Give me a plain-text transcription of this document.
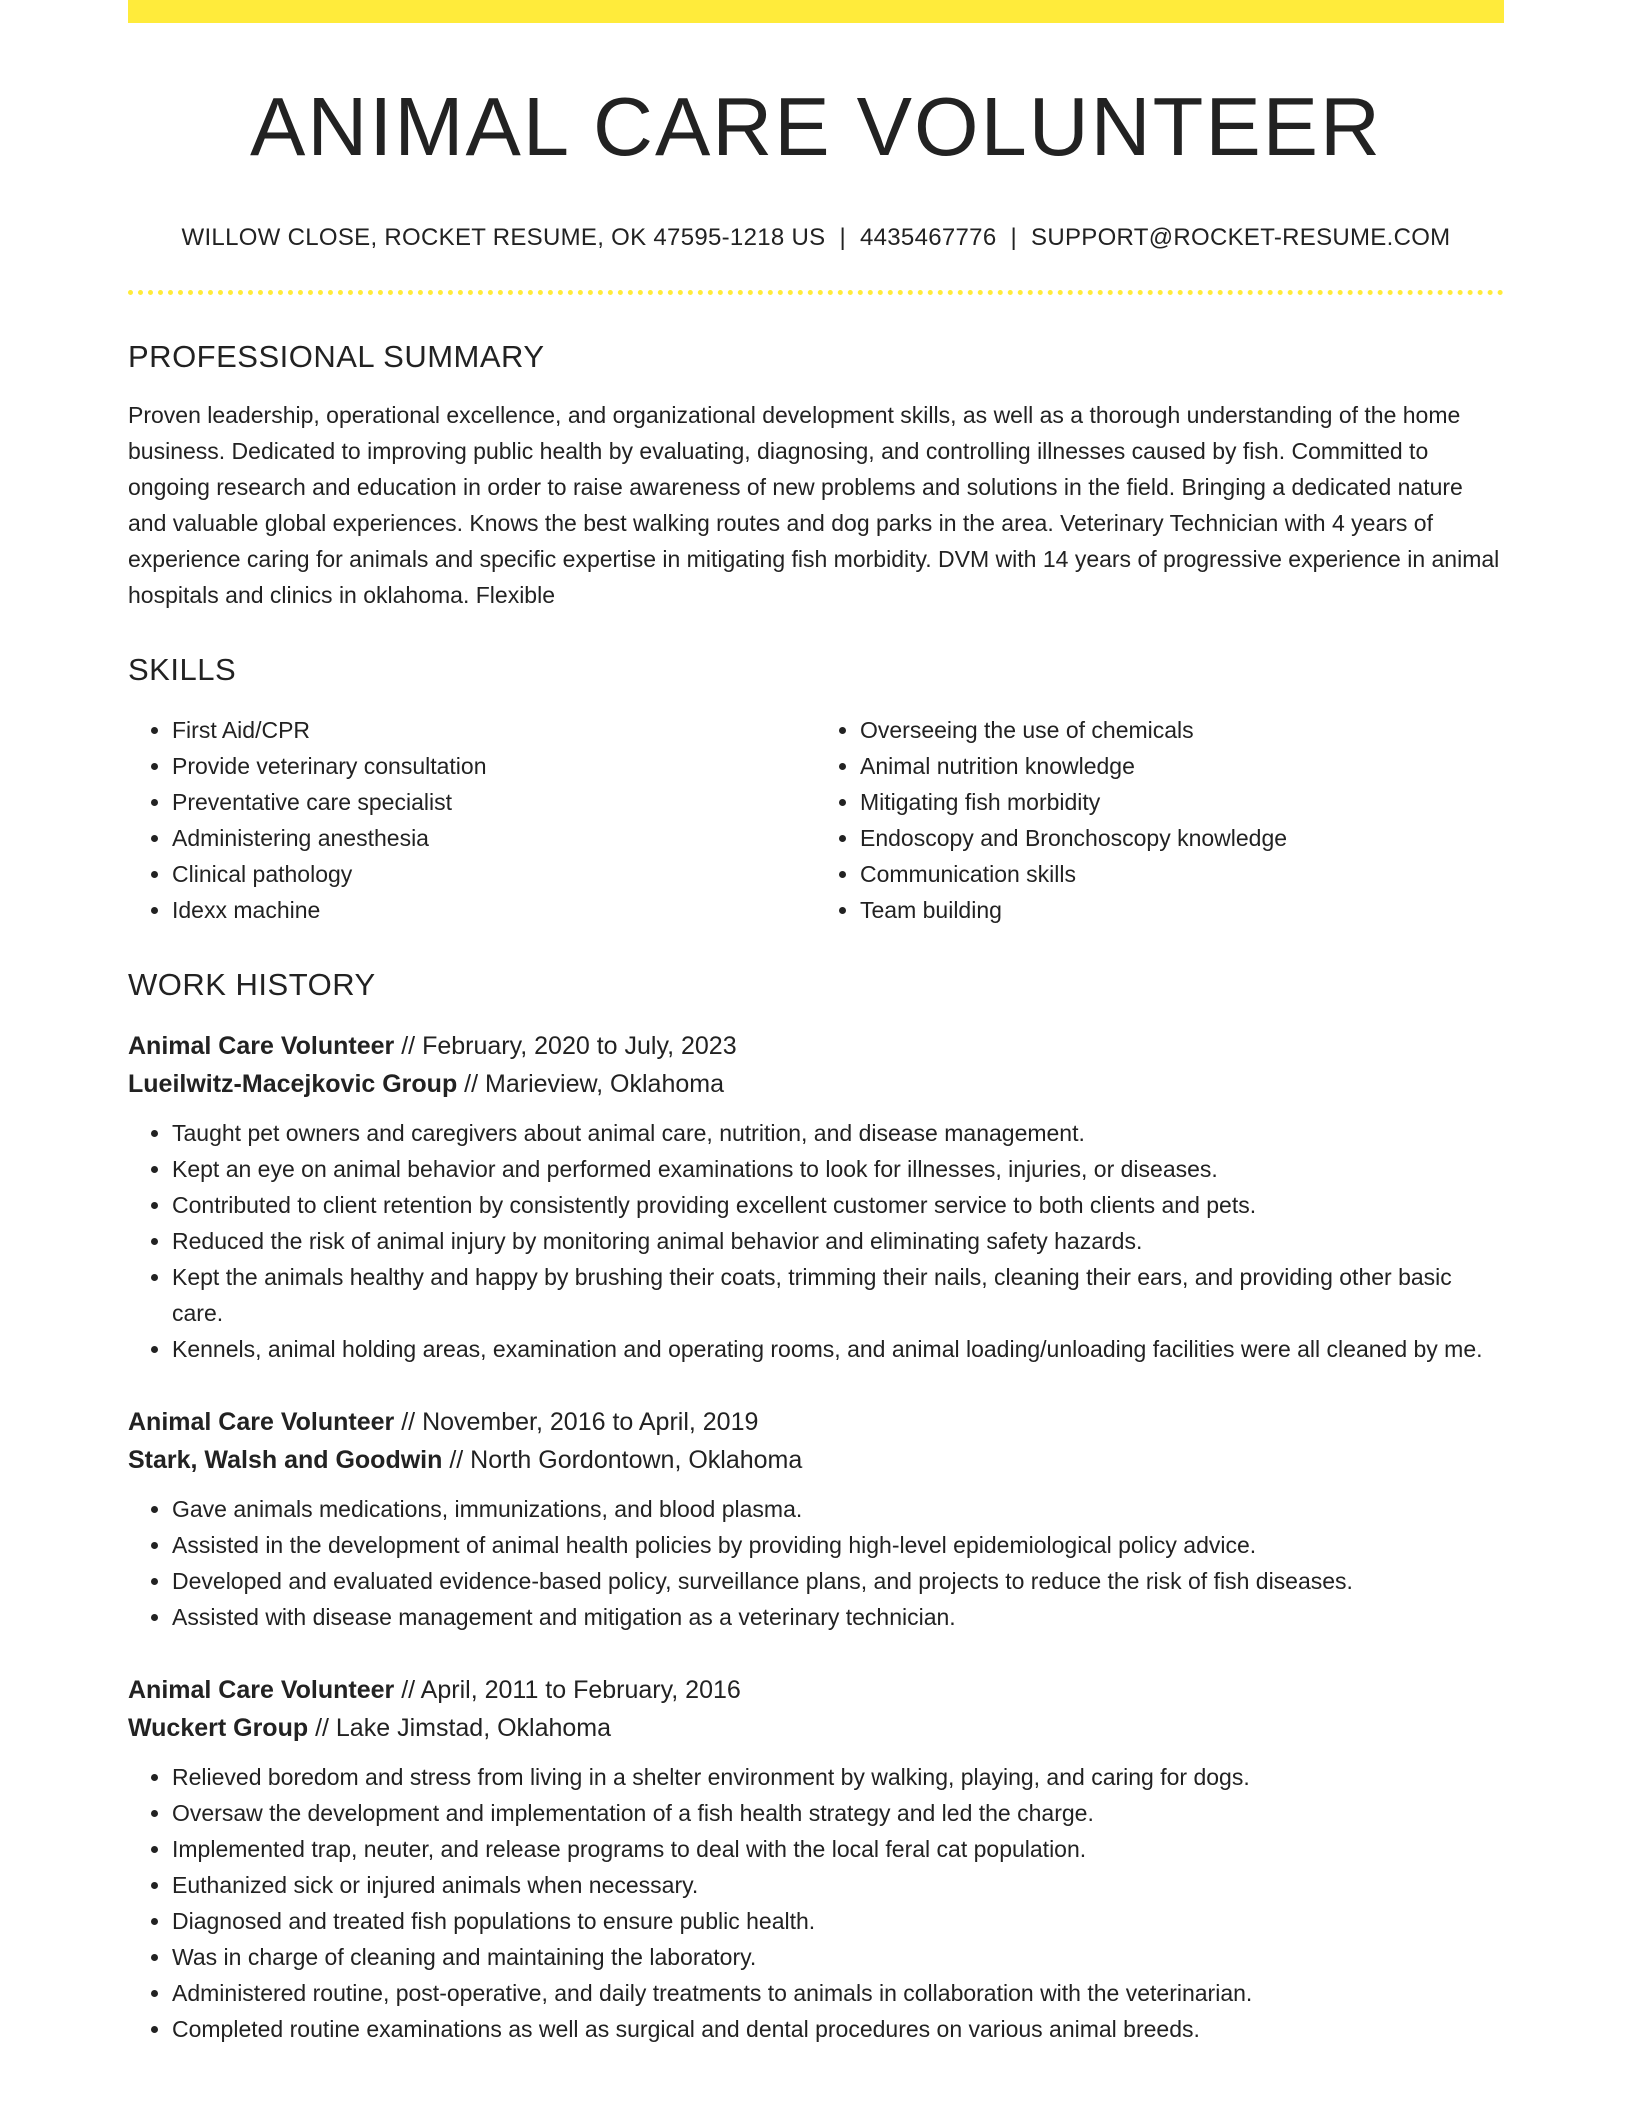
ANIMAL CARE VOLUNTEER
WILLOW CLOSE, ROCKET RESUME, OK 47595-1218 US | 4435467776 | SUPPORT@ROCKET-RESUME.COM
PROFESSIONAL SUMMARY
Proven leadership, operational excellence, and organizational development skills, as well as a thorough understanding of the home business. Dedicated to improving public health by evaluating, diagnosing, and controlling illnesses caused by fish. Committed to ongoing research and education in order to raise awareness of new problems and solutions in the field. Bringing a dedicated nature and valuable global experiences. Knows the best walking routes and dog parks in the area. Veterinary Technician with 4 years of experience caring for animals and specific expertise in mitigating fish morbidity. DVM with 14 years of progressive experience in animal hospitals and clinics in oklahoma. Flexible
SKILLS
• First Aid/CPR
• Provide veterinary consultation
• Preventative care specialist
• Administering anesthesia
• Clinical pathology
• Idexx machine
• Overseeing the use of chemicals
• Animal nutrition knowledge
• Mitigating fish morbidity
• Endoscopy and Bronchoscopy knowledge
• Communication skills
• Team building
WORK HISTORY
Animal Care Volunteer // February, 2020 to July, 2023
Lueilwitz-Macejkovic Group // Marieview, Oklahoma
• Taught pet owners and caregivers about animal care, nutrition, and disease management.
• Kept an eye on animal behavior and performed examinations to look for illnesses, injuries, or diseases.
• Contributed to client retention by consistently providing excellent customer service to both clients and pets.
• Reduced the risk of animal injury by monitoring animal behavior and eliminating safety hazards.
• Kept the animals healthy and happy by brushing their coats, trimming their nails, cleaning their ears, and providing other basic care.
• Kennels, animal holding areas, examination and operating rooms, and animal loading/unloading facilities were all cleaned by me.
Animal Care Volunteer // November, 2016 to April, 2019
Stark, Walsh and Goodwin // North Gordontown, Oklahoma
• Gave animals medications, immunizations, and blood plasma.
• Assisted in the development of animal health policies by providing high-level epidemiological policy advice.
• Developed and evaluated evidence-based policy, surveillance plans, and projects to reduce the risk of fish diseases.
• Assisted with disease management and mitigation as a veterinary technician.
Animal Care Volunteer // April, 2011 to February, 2016
Wuckert Group // Lake Jimstad, Oklahoma
• Relieved boredom and stress from living in a shelter environment by walking, playing, and caring for dogs.
• Oversaw the development and implementation of a fish health strategy and led the charge.
• Implemented trap, neuter, and release programs to deal with the local feral cat population.
• Euthanized sick or injured animals when necessary.
• Diagnosed and treated fish populations to ensure public health.
• Was in charge of cleaning and maintaining the laboratory.
• Administered routine, post-operative, and daily treatments to animals in collaboration with the veterinarian.
• Completed routine examinations as well as surgical and dental procedures on various animal breeds.
